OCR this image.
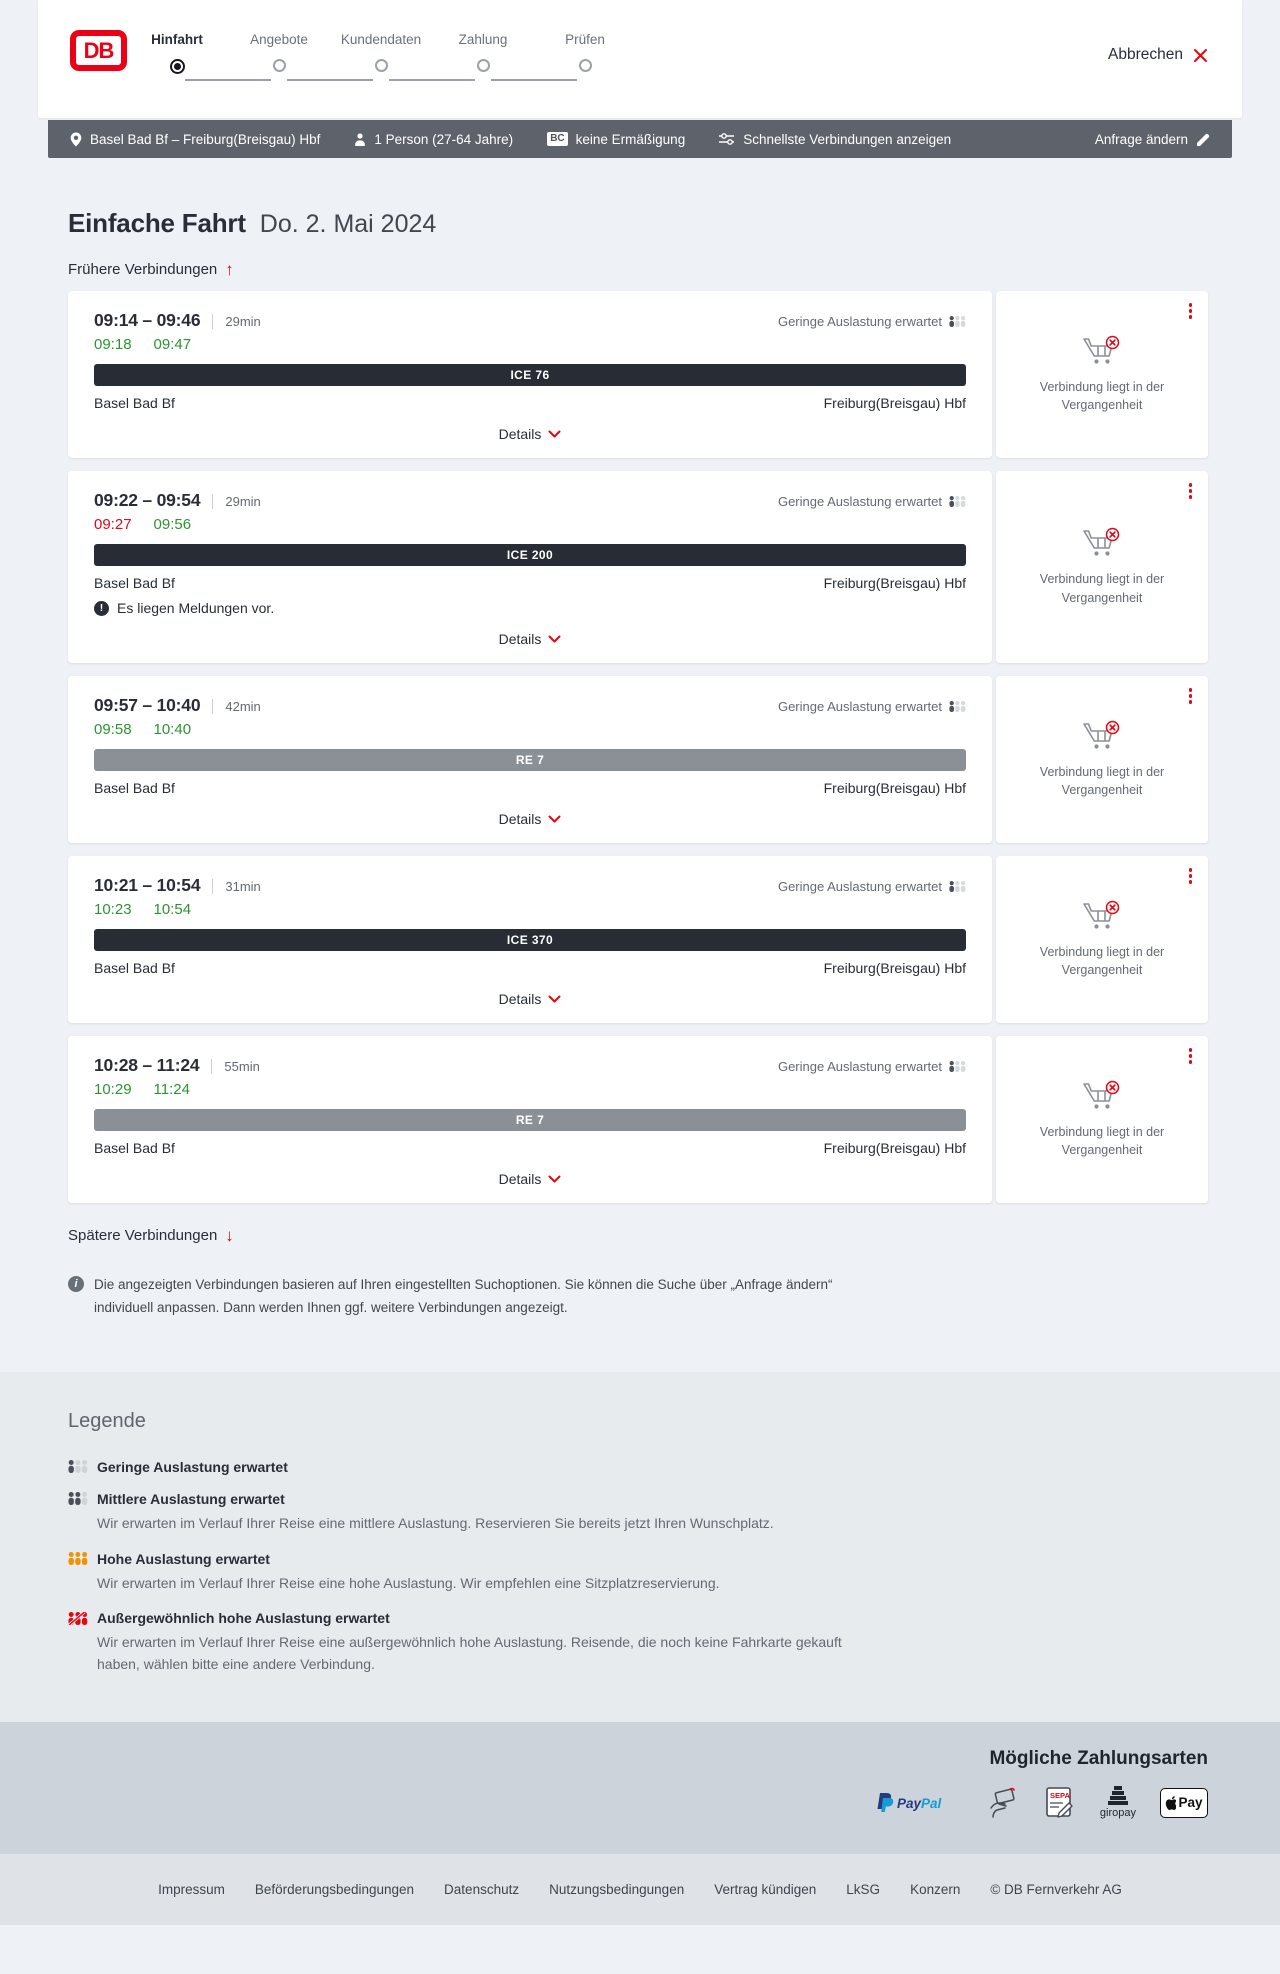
DB	Hinfahrt	Angebote Kundendaten	Zahlung	Prüfen
Abbrechen
Basel Bad Bf – Freiburg(Breisgau) Hbf	1 Person (27-64 Jahre)	BC keine Ermäßigung	Schnellste Verbindungen anzeigen	Anfrage ändern
Einfache Fahrt Do. 2. Mai 2024
Frühere Verbindungen ↑
09:14 – 09:46	29min	Geringe Auslastung erwartet
09:18 09:47
ICE 76
Basel Bad Bf	Freiburg(Breisgau) Hbf
Details
Verbindung liegt in der Vergangenheit
09:22 – 09:54	29min	Geringe Auslastung erwartet
09:27 09:56
ICE 200
Basel Bad Bf	Freiburg(Breisgau) Hbf
! Es liegen Meldungen vor.
Details
Verbindung liegt in der Vergangenheit
09:57 – 10:40	42min	Geringe Auslastung erwartet
09:58 10:40
RE 7
Basel Bad Bf	Freiburg(Breisgau) Hbf
Details
Verbindung liegt in der Vergangenheit
10:21 – 10:54	31min	Geringe Auslastung erwartet
10:23 10:54
ICE 370
Basel Bad Bf	Freiburg(Breisgau) Hbf
Details
Verbindung liegt in der Vergangenheit
10:28 – 11:24	55min	Geringe Auslastung erwartet
10:29 11:24
RE 7
Basel Bad Bf	Freiburg(Breisgau) Hbf
Details
Verbindung liegt in der Vergangenheit
Spätere Verbindungen ↓
i	Die angezeigten Verbindungen basieren auf Ihren eingestellten Suchoptionen. Sie können die Suche über „Anfrage ändern“ individuell anpassen. Dann werden Ihnen ggf. weitere Verbindungen angezeigt.
Legende
Geringe Auslastung erwartet
Mittlere Auslastung erwartet
Wir erwarten im Verlauf Ihrer Reise eine mittlere Auslastung. Reservieren Sie bereits jetzt Ihren Wunschplatz.
Hohe Auslastung erwartet
Wir erwarten im Verlauf Ihrer Reise eine hohe Auslastung. Wir empfehlen eine Sitzplatzreservierung.
Außergewöhnlich hohe Auslastung erwartet
Wir erwarten im Verlauf Ihrer Reise eine außergewöhnlich hohe Auslastung. Reisende, die noch keine Fahrkarte gekauft haben, wählen bitte eine andere Verbindung.
Mögliche Zahlungsarten
PayPal
SEPA
giropay
Pay
Impressum Beförderungsbedingungen Datenschutz Nutzungsbedingungen Vertrag kündigen LkSG Konzern © DB Fernverkehr AG
